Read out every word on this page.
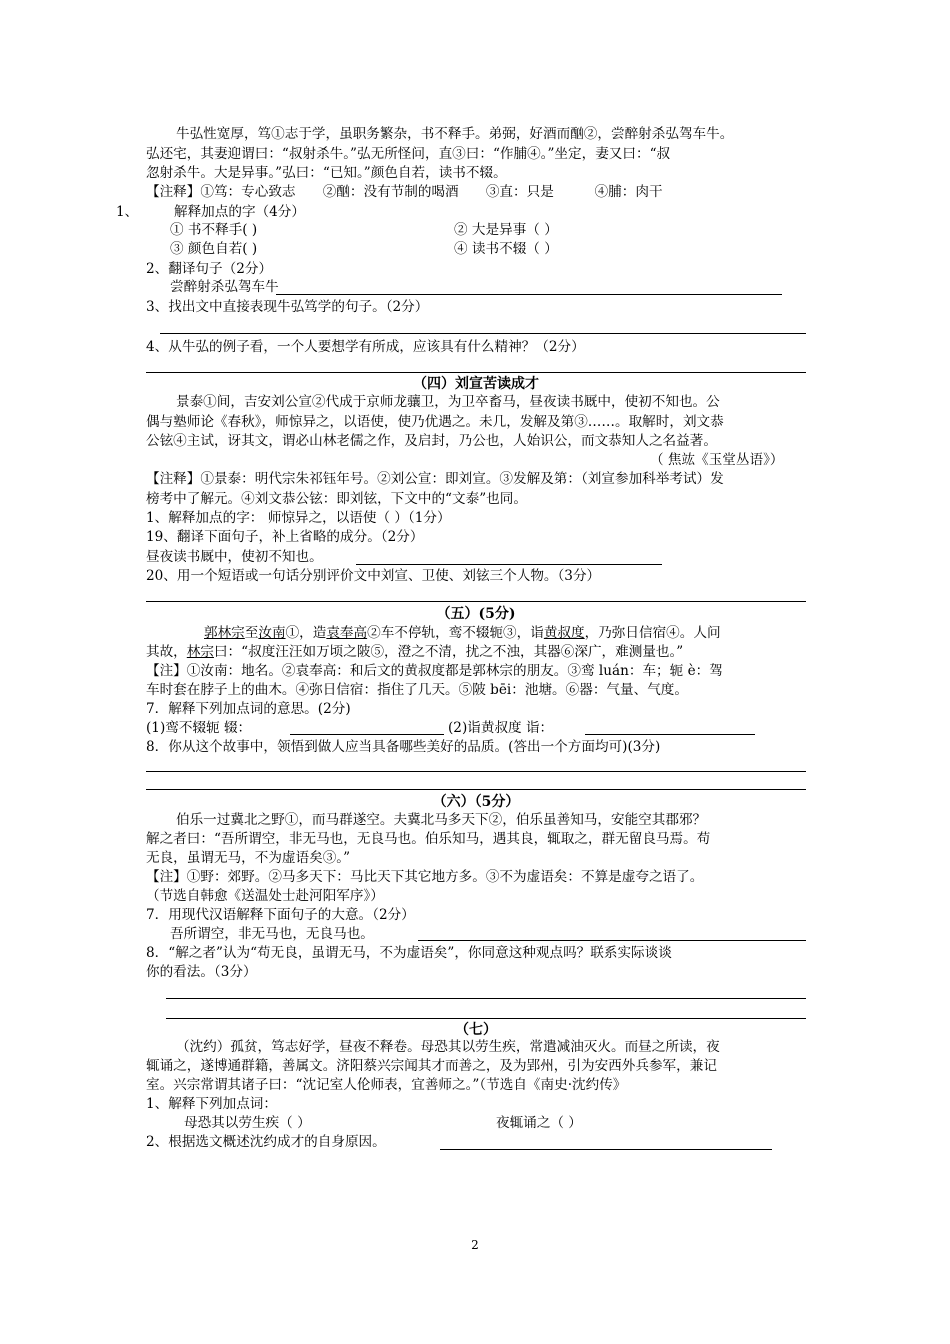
牛弘性宽厚，笃①志于学，虽职务繁杂，书不释手。弟弼，好酒而酗②，尝醉射杀弘驾车牛。
弘还宅，其妻迎谓曰：“叔射杀牛。”弘无所怪问，直③曰：“作脯④。”坐定，妻又曰：“叔
忽射杀牛。大是异事。”弘曰：“已知。”颜色自若，读书不辍。
【注释】①笃：专心致志　　②酗：没有节制的喝酒　　③直：只是　　　④脯：肉干
1、	解释加点的字（4分）
① 书不释手( )	② 大是异事（ ）
③ 颜色自若( )	④ 读书不辍（ ）
2、翻译句子（2分）
尝醉射杀弘驾车牛
3、找出文中直接表现牛弘笃学的句子。（2分）
4、从牛弘的例子看，一个人要想学有所成，应该具有什么精神？（2分）
（四）刘宣苦读成才
景泰①间，吉安刘公宣②代成于京师龙骧卫，为卫卒畜马，昼夜读书厩中，使初不知也。公
偶与塾师论《春秋》，师惊异之，以语使，使乃优遇之。未几，发解及第③……。取解时，刘文恭
公铉④主试，讶其文，谓必山林老儒之作，及启封，乃公也，人始识公，而文恭知人之名益著。
（ 焦竑《玉堂丛语》）
【注释】①景泰：明代宗朱祁钰年号。②刘公宣：即刘宣。③发解及第：（刘宣参加科举考试）发
榜考中了解元。④刘文恭公铉：即刘铉，下文中的“文泰”也同。
1、解释加点的字： 师惊异之，以语使（ ）（1分）
19、翻译下面句子，补上省略的成分。（2分）
昼夜读书厩中，使初不知也。
20、用一个短语或一句话分别评价文中刘宣、卫使、刘铉三个人物。（3分）
（五）(5分)
郭林宗至汝南①，造袁奉高②车不停轨，鸾不辍轭③，诣黄叔度，乃弥日信宿④。人问
其故，林宗曰：“叔度汪汪如万顷之陂⑤，澄之不清，扰之不浊，其器⑥深广，难测量也。”
【注】①汝南：地名。②袁奉高：和后文的黄叔度都是郭林宗的朋友。③鸾 luán：车；轭 è：驾
车时套在脖子上的曲木。④弥日信宿：指住了几天。⑤陂 bēi：池塘。⑥器：气量、气度。
7．解释下列加点词的意思。(2分)
(1)鸾不辍轭 辍：	(2)诣黄叔度 诣：
8．你从这个故事中，领悟到做人应当具备哪些美好的品质。(答出一个方面均可)(3分)
（六）（5分）
伯乐一过冀北之野①，而马群遂空。夫冀北马多天下②，伯乐虽善知马，安能空其郡邪？
解之者曰：“吾所谓空，非无马也，无良马也。伯乐知马，遇其良，辄取之，群无留良马焉。苟
无良，虽谓无马，不为虚语矣③。”
【注】①野：郊野。②马多天下：马比天下其它地方多。③不为虚语矣：不算是虚夸之语了。
（节选自韩愈《送温处士赴河阳军序》）
7．用现代汉语解释下面句子的大意。（2分）
吾所谓空，非无马也，无良马也。
8．“解之者”认为“苟无良，虽谓无马，不为虚语矣”，你同意这种观点吗？联系实际谈谈
你的看法。（3分）
（七）
（沈约）孤贫，笃志好学，昼夜不释卷。母恐其以劳生疾，常遣减油灭火。而昼之所读，夜
辄诵之，遂博通群籍，善属文。济阳蔡兴宗闻其才而善之，及为郢州，引为安西外兵参军，兼记
室。兴宗常谓其诸子曰：“沈记室人伦师表，宜善师之。”（节选自《南史·沈约传》
1、解释下列加点词：
母恐其以劳生疾（ ）	夜辄诵之（ ）
2、根据选文概述沈约成才的自身原因。
2
